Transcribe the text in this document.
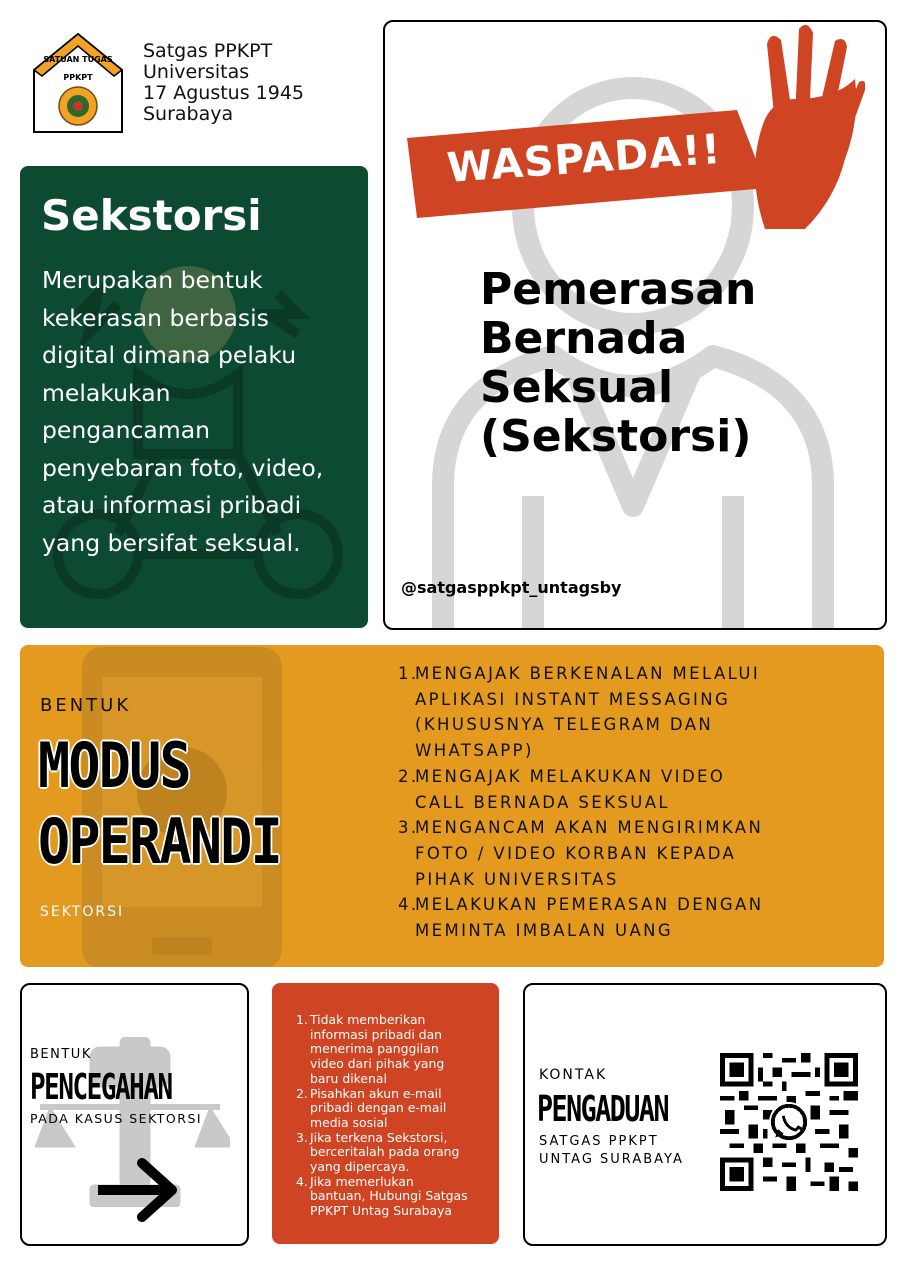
SATUAN TUGAS
PPKPT
Satgas PPKPT
Universitas
17 Agustus 1945
Surabaya
Sekstorsi
Merupakan bentuk
kekerasan berbasis
digital dimana pelaku
melakukan
pengancaman
penyebaran foto, video,
atau informasi pribadi
yang bersifat seksual.
WASPADA!!
Pemerasan
Bernada
Seksual
(Sekstorsi)
@satgasppkpt_untagsby
BENTUK
MODUS
OPERANDI
SEKTORSI
1.
MENGAJAK BERKENALAN MELALUI
APLIKASI INSTANT MESSAGING
(KHUSUSNYA TELEGRAM DAN
WHATSAPP)
2.
MENGAJAK MELAKUKAN VIDEO
CALL BERNADA SEKSUAL
3.
MENGANCAM AKAN MENGIRIMKAN
FOTO / VIDEO KORBAN KEPADA
PIHAK UNIVERSITAS
4.
MELAKUKAN PEMERASAN DENGAN
MEMINTA IMBALAN UANG
BENTUK
PENCEGAHAN
PADA KASUS SEKTORSI
1. Tidak memberikan
informasi pribadi dan
menerima panggilan
video dari pihak yang
baru dikenal
2. Pisahkan akun e-mail
pribadi dengan e-mail
media sosial
3. Jika terkena Sekstorsi,
berceritalah pada orang
yang dipercaya.
4. Jika memerlukan
bantuan, Hubungi Satgas
PPKPT Untag Surabaya
KONTAK
PENGADUAN
SATGAS PPKPT
UNTAG SURABAYA
